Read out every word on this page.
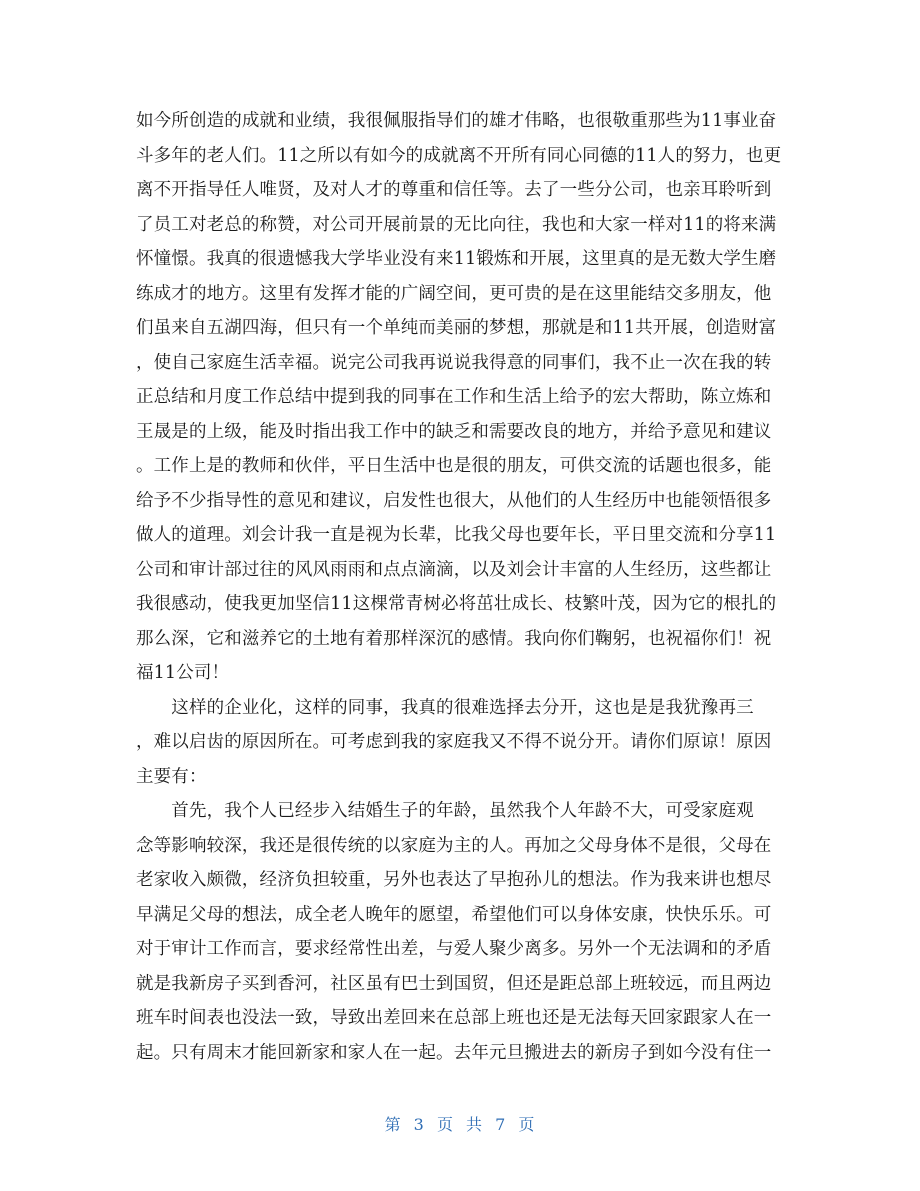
如今所创造的成就和业绩，我很佩服指导们的雄才伟略，也很敬重那些为11事业奋
斗多年的老人们。11之所以有如今的成就离不开所有同心同德的11人的努力，也更
离不开指导任人唯贤，及对人才的尊重和信任等。去了一些分公司，也亲耳聆听到
了员工对老总的称赞，对公司开展前景的无比向往，我也和大家一样对11的将来满
怀憧憬。我真的很遗憾我大学毕业没有来11锻炼和开展，这里真的是无数大学生磨
练成才的地方。这里有发挥才能的广阔空间，更可贵的是在这里能结交多朋友，他
们虽来自五湖四海，但只有一个单纯而美丽的梦想，那就是和11共开展，创造财富
，使自己家庭生活幸福。说完公司我再说说我得意的同事们，我不止一次在我的转
正总结和月度工作总结中提到我的同事在工作和生活上给予的宏大帮助，陈立炼和
王晟是的上级，能及时指出我工作中的缺乏和需要改良的地方，并给予意见和建议
。工作上是的教师和伙伴，平日生活中也是很的朋友，可供交流的话题也很多，能
给予不少指导性的意见和建议，启发性也很大，从他们的人生经历中也能领悟很多
做人的道理。刘会计我一直是视为长辈，比我父母也要年长，平日里交流和分享11
公司和审计部过往的风风雨雨和点点滴滴，以及刘会计丰富的人生经历，这些都让
我很感动，使我更加坚信11这棵常青树必将茁壮成长、枝繁叶茂，因为它的根扎的
那么深，它和滋养它的土地有着那样深沉的感情。我向你们鞠躬，也祝福你们！祝
福11公司！
　　这样的企业化，这样的同事，我真的很难选择去分开，这也是是我犹豫再三
，难以启齿的原因所在。可考虑到我的家庭我又不得不说分开。请你们原谅！原因
主要有：
　　首先，我个人已经步入结婚生子的年龄，虽然我个人年龄不大，可受家庭观
念等影响较深，我还是很传统的以家庭为主的人。再加之父母身体不是很，父母在
老家收入颇微，经济负担较重，另外也表达了早抱孙儿的想法。作为我来讲也想尽
早满足父母的想法，成全老人晚年的愿望，希望他们可以身体安康，快快乐乐。可
对于审计工作而言，要求经常性出差，与爱人聚少离多。另外一个无法调和的矛盾
就是我新房子买到香河，社区虽有巴士到国贸，但还是距总部上班较远，而且两边
班车时间表也没法一致，导致出差回来在总部上班也还是无法每天回家跟家人在一
起。只有周末才能回新家和家人在一起。去年元旦搬进去的新房子到如今没有住一
第 3 页 共 7 页
